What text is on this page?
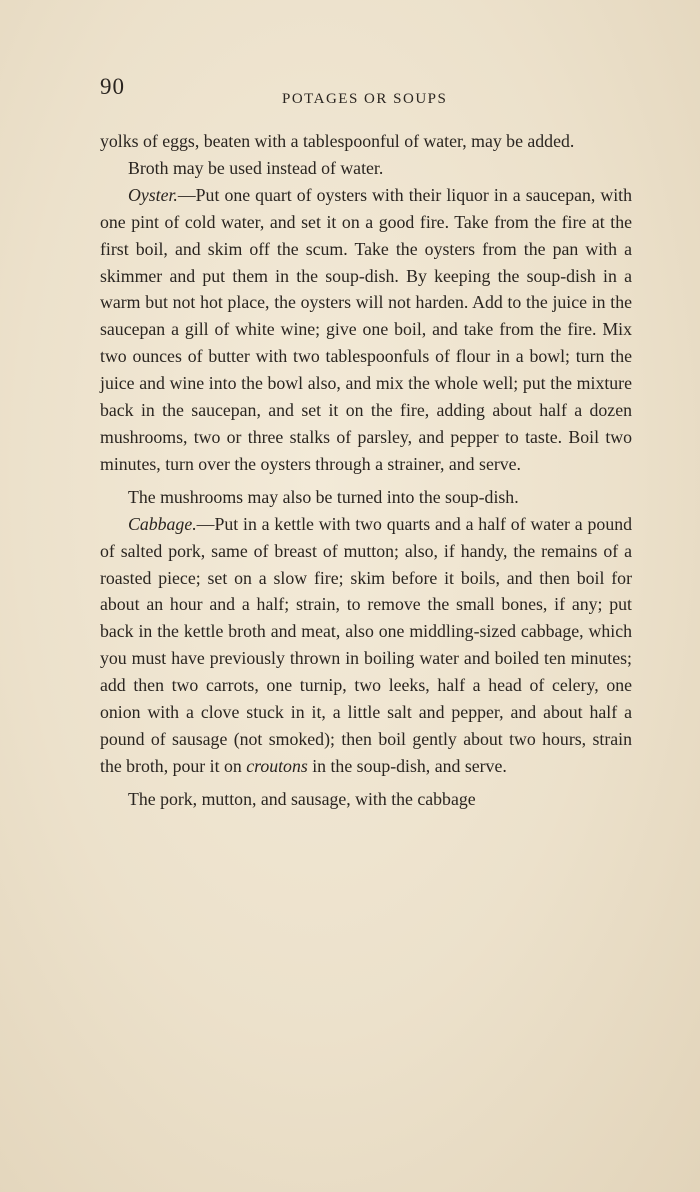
90	POTAGES OR SOUPS

yolks of eggs, beaten with a tablespoonful of water, may be added.

Broth may be used instead of water.

Oyster.—Put one quart of oysters with their liquor in a saucepan, with one pint of cold water, and set it on a good fire. Take from the fire at the first boil, and skim off the scum. Take the oysters from the pan with a skimmer and put them in the soup-dish. By keeping the soup-dish in a warm but not hot place, the oysters will not harden. Add to the juice in the saucepan a gill of white wine; give one boil, and take from the fire. Mix two ounces of butter with two tablespoonfuls of flour in a bowl; turn the juice and wine into the bowl also, and mix the whole well; put the mixture back in the saucepan, and set it on the fire, adding about half a dozen mushrooms, two or three stalks of parsley, and pepper to taste. Boil two minutes, turn over the oysters through a strainer, and serve.

The mushrooms may also be turned into the soup-dish.

Cabbage.—Put in a kettle with two quarts and a half of water a pound of salted pork, same of breast of mutton; also, if handy, the remains of a roasted piece; set on a slow fire; skim before it boils, and then boil for about an hour and a half; strain, to remove the small bones, if any; put back in the kettle broth and meat, also one middling-sized cabbage, which you must have previously thrown in boiling water and boiled ten minutes; add then two carrots, one turnip, two leeks, half a head of celery, one onion with a clove stuck in it, a little salt and pepper, and about half a pound of sausage (not smoked); then boil gently about two hours, strain the broth, pour it on croutons in the soup-dish, and serve.

The pork, mutton, and sausage, with the cabbage
